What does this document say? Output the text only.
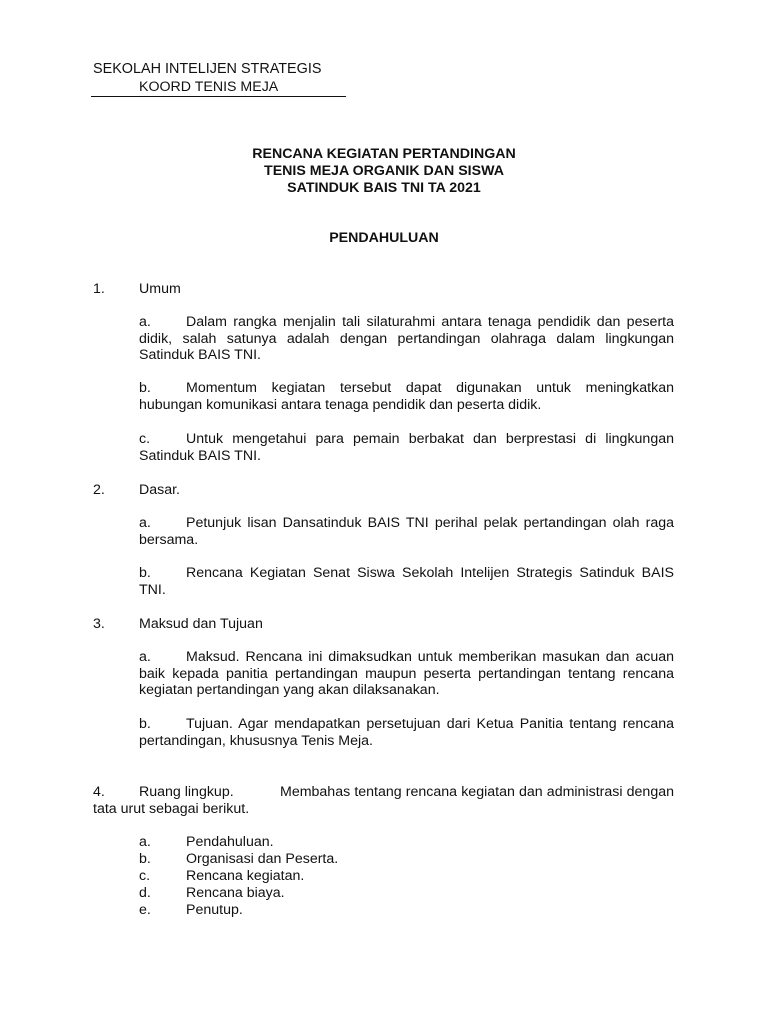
SEKOLAH INTELIJEN STRATEGIS
KOORD TENIS MEJA
RENCANA KEGIATAN PERTANDINGAN
TENIS MEJA ORGANIK DAN SISWA
SATINDUK BAIS TNI TA 2021
PENDAHULUAN
1. Umum
a. Dalam rangka menjalin tali silaturahmi antara tenaga pendidik dan peserta didik, salah satunya adalah dengan pertandingan olahraga dalam lingkungan Satinduk BAIS TNI.
b. Momentum kegiatan tersebut dapat digunakan untuk meningkatkan hubungan komunikasi antara tenaga pendidik dan peserta didik.
c.	Untuk mengetahui para pemain berbakat dan berprestasi di lingkungan Satinduk BAIS TNI.
2. Dasar.
a. Petunjuk lisan Dansatinduk BAIS TNI perihal pelak pertandingan olah raga bersama.
b. Rencana Kegiatan Senat Siswa Sekolah Intelijen Strategis Satinduk BAIS TNI.
3. Maksud dan Tujuan
a. Maksud. Rencana ini dimaksudkan untuk memberikan masukan dan acuan baik kepada panitia pertandingan maupun peserta pertandingan tentang rencana kegiatan pertandingan yang akan dilaksanakan.
b. Tujuan. Agar mendapatkan persetujuan dari Ketua Panitia tentang rencana pertandingan, khususnya Tenis Meja.
4. Ruang lingkup.	Membahas tentang rencana kegiatan dan administrasi dengan tata urut sebagai berikut.
a. Pendahuluan.
b. Organisasi dan Peserta.
c.	Rencana kegiatan.
d. Rencana biaya.
e. Penutup.
